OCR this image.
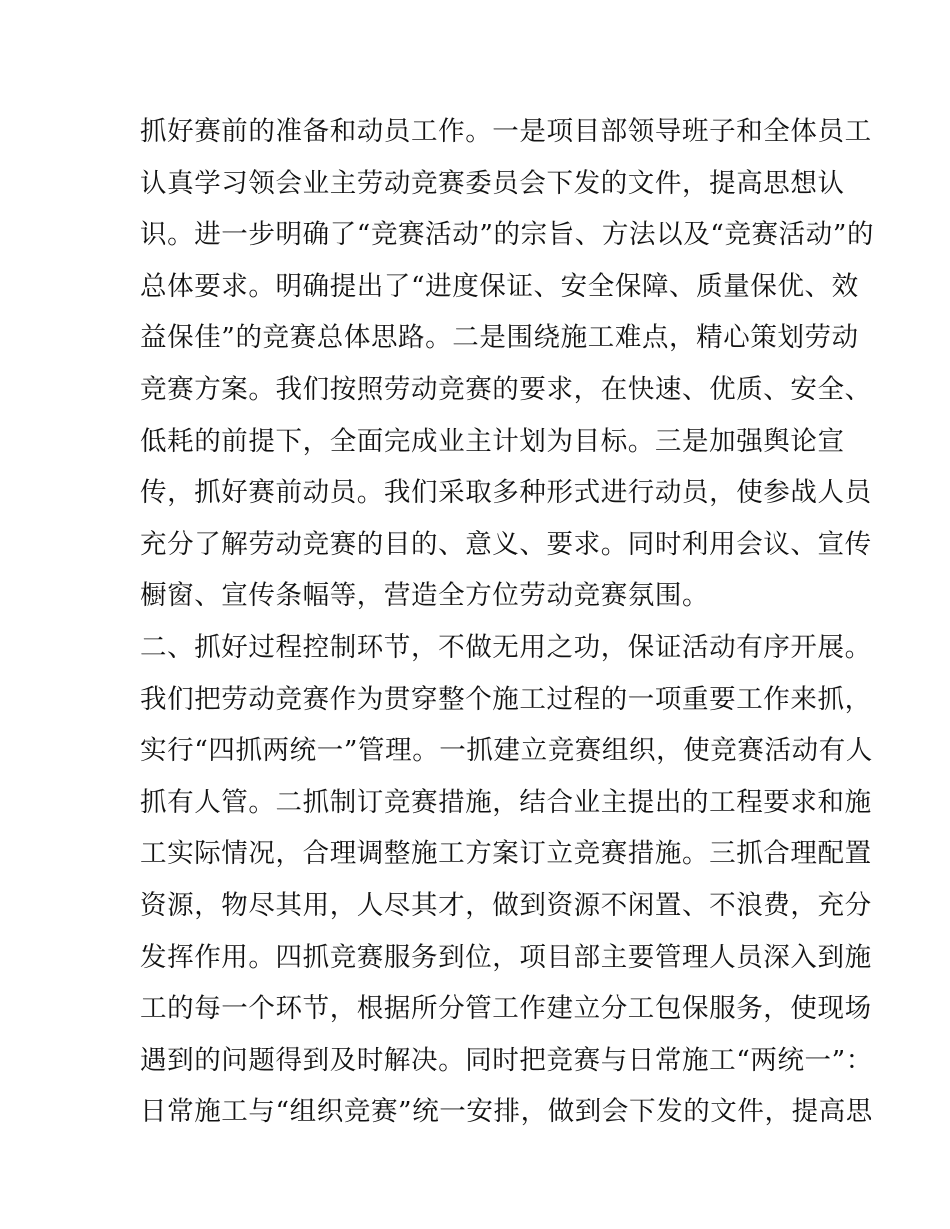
抓好赛前的准备和动员工作。一是项目部领导班子和全体员工
认真学习领会业主劳动竞赛委员会下发的文件，提高思想认
识。进一步明确了“竞赛活动”的宗旨、方法以及“竞赛活动”的
总体要求。明确提出了“进度保证、安全保障、质量保优、效
益保佳”的竞赛总体思路。二是围绕施工难点，精心策划劳动
竞赛方案。我们按照劳动竞赛的要求，在快速、优质、安全、
低耗的前提下，全面完成业主计划为目标。三是加强舆论宣
传，抓好赛前动员。我们采取多种形式进行动员，使参战人员
充分了解劳动竞赛的目的、意义、要求。同时利用会议、宣传
橱窗、宣传条幅等，营造全方位劳动竞赛氛围。
二、抓好过程控制环节，不做无用之功，保证活动有序开展。
我们把劳动竞赛作为贯穿整个施工过程的一项重要工作来抓，
实行“四抓两统一”管理。一抓建立竞赛组织，使竞赛活动有人
抓有人管。二抓制订竞赛措施，结合业主提出的工程要求和施
工实际情况，合理调整施工方案订立竞赛措施。三抓合理配置
资源，物尽其用，人尽其才，做到资源不闲置、不浪费，充分
发挥作用。四抓竞赛服务到位，项目部主要管理人员深入到施
工的每一个环节，根据所分管工作建立分工包保服务，使现场
遇到的问题得到及时解决。同时把竞赛与日常施工“两统一”：
日常施工与“组织竞赛”统一安排，做到会下发的文件，提高思
